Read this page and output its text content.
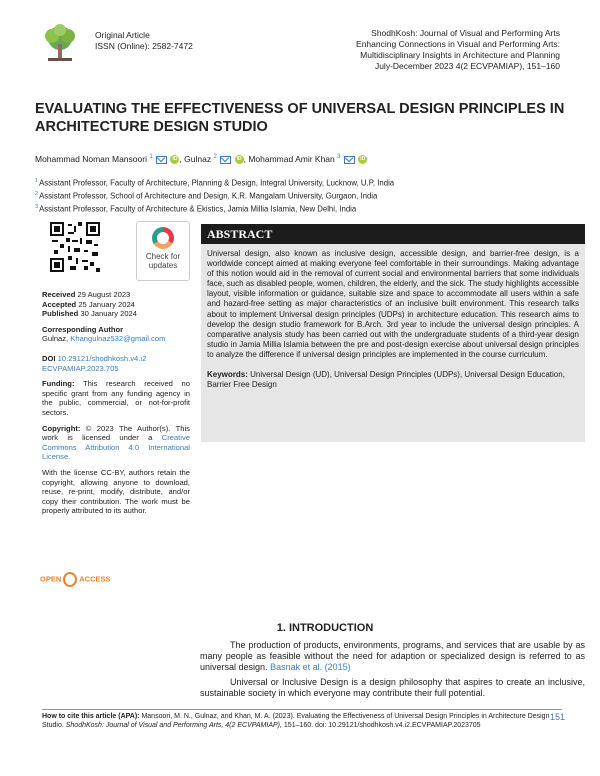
Original Article
ISSN (Online): 2582-7472
ShodhKosh: Journal of Visual and Performing Arts
Enhancing Connections in Visual and Performing Arts:
Multidisciplinary Insights in Architecture and Planning
July-December 2023 4(2 ECVPAMIAP), 151–160
EVALUATING THE EFFECTIVENESS OF UNIVERSAL DESIGN PRINCIPLES IN ARCHITECTURE DESIGN STUDIO
Mohammad Noman Mansoori $^1$	iD , Gulnaz $^2$	iD , Mohammad Amir Khan $^3$	iD
$^1$Assistant Professor, Faculty of Architecture, Planning & Design, Integral University, Lucknow, U.P, India
$^2$Assistant Professor, School of Architecture and Design, K.R. Mangalam University, Gurgaon, India
$^3$Assistant Professor, Faculty of Architecture & Ekistics, Jamia Millia Islamia, New Delhi, India
Check for
updates

Received 29 August 2023
Accepted 25 January 2024
Published 30 January 2024

Corresponding Author
Gulnaz, Khangulnaz532@gmail.com

DOI 10.29121/shodhkosh.v4.i2 ECVPAMIAP.2023.705

Funding: This research received no specific grant from any funding agency in the public, commercial, or not-for-profit sectors.

Copyright: © 2023 The Author(s). This work is licensed under a Creative Commons Attribution 4.0 International License.

With the license CC-BY, authors retain the copyright, allowing anyone to download, reuse, re-print, modify, distribute, and/or copy their contribution. The work must be properly attributed to its author.

OPEN ACCESS
ABSTRACT
Universal design, also known as inclusive design, accessible design, and barrier-free design, is a worldwide concept aimed at making everyone feel comfortable in their surroundings. Making advantage of this notion would aid in the removal of current social and environmental barriers that some individuals face, such as disabled people, women, children, the elderly, and the sick. The study highlights accessible layout, visible information or guidance, suitable size and space to accommodate all users within a safe and hazard-free setting as major characteristics of an inclusive built environment. This research talks about to implement Universal design principles (UDPs) in architecture education. This research aims to develop the design studio framework for B.Arch. 3rd year to include the universal design principles. A comparative analysis study has been carried out with the undergraduate students of a third-year design studio in Jamia Millia Islamia between the pre and post-design exercise about universal design principles to analyze the difference if universal design principles are implemented in the course curriculum.
Keywords: Universal Design (UD), Universal Design Principles (UDPs), Universal Design Education, Barrier Free Design
1. INTRODUCTION

The production of products, environments, programs, and services that are usable by as many people as feasible without the need for adaption or specialized design is referred to as universal design. Basnak et al. (2015)

Universal or Inclusive Design is a design philosophy that aspires to create an inclusive, sustainable society in which everyone may contribute their full potential.

How to cite this article (APA): Mansoori, M. N., Gulnaz, and Khan, M. A. (2023). Evaluating the Effectiveness of Universal Design Principles in Architecture Design Studio. ShodhKosh: Journal of Visual and Performing Arts, 4(2 ECVPAMIAP), 151–160. doi: 10.29121/shodhkosh.v4.i2.ECVPAMIAP.2023705
151
